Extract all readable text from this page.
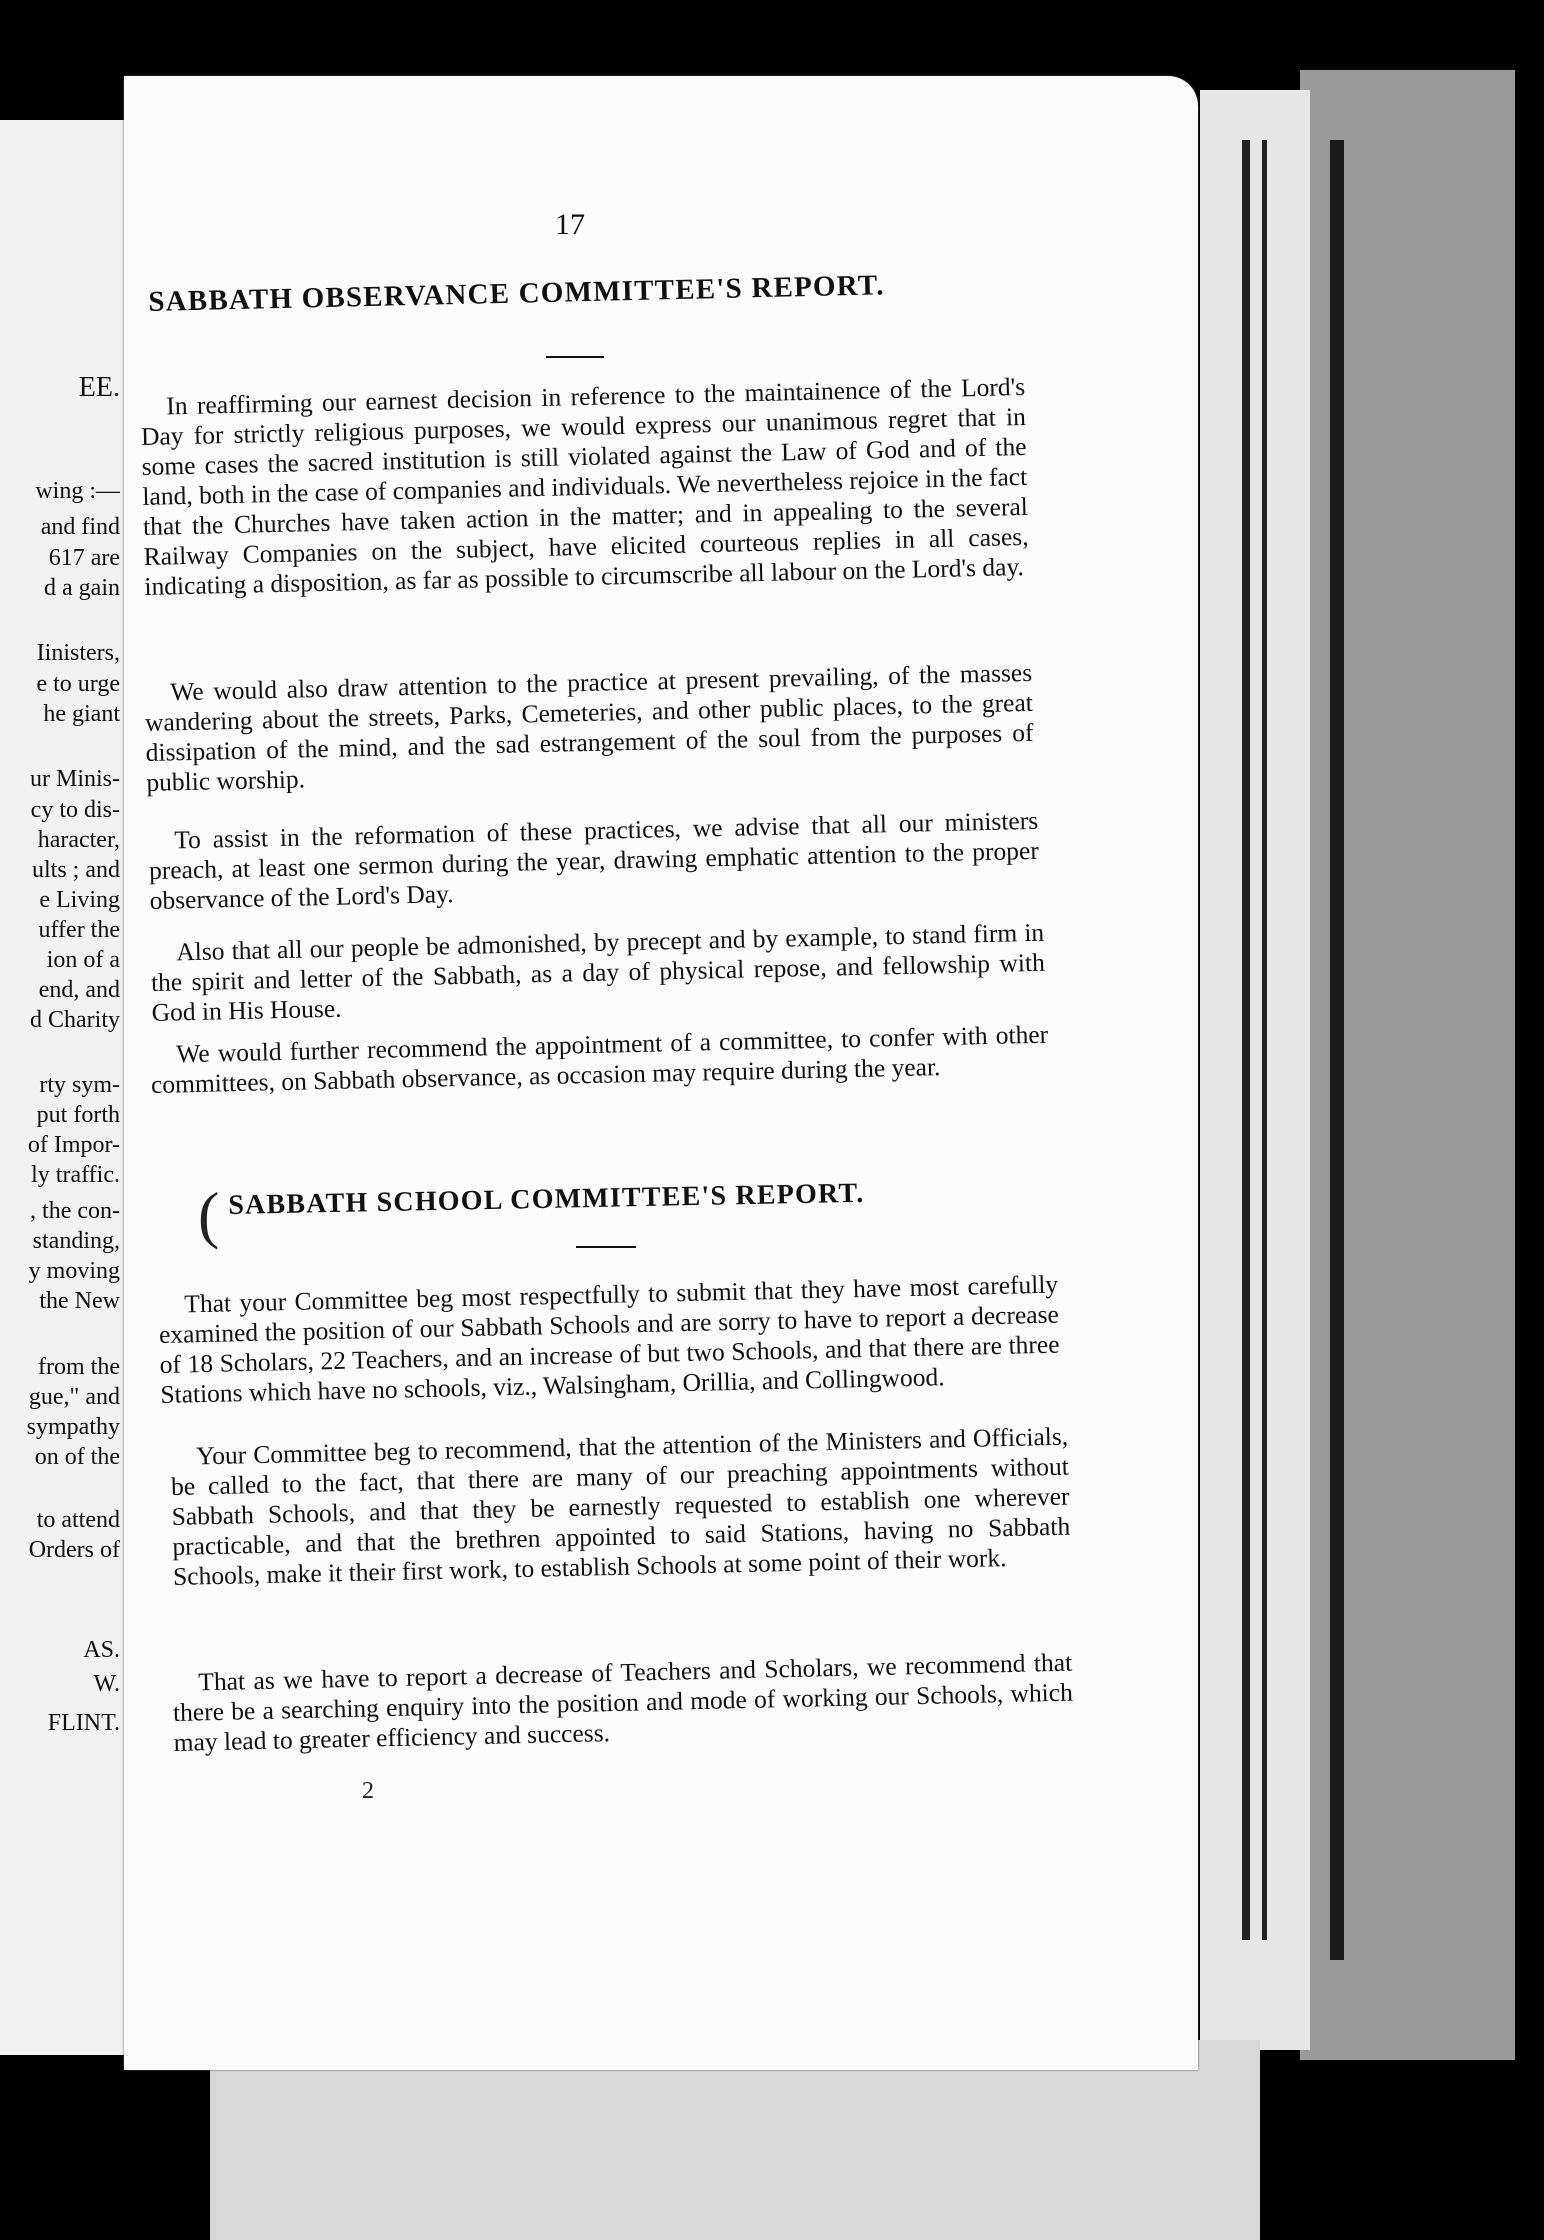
EE.
wing :—
and find
617 are
d a gain
Iinisters,
e to urge
he giant
ur Minis-
cy to dis-
haracter,
ults ; and
e Living
uffer the
ion of a
end, and
d Charity
rty sym-
put forth
of Impor-
ly traffic.
, the con-
standing,
y moving
the New
from the
gue," and
sympathy
on of the
to attend
Orders of
AS.
W.
FLINT.
17
SABBATH OBSERVANCE COMMITTEE'S REPORT.
In reaffirming our earnest decision in reference to the maintainence of the Lord's Day for strictly religious purposes, we would express our unanimous regret that in some cases the sacred institution is still violated against the Law of God and of the land, both in the case of companies and individuals. We nevertheless rejoice in the fact that the Churches have taken action in the matter; and in appealing to the several Railway Companies on the subject, have elicited courteous replies in all cases, indicating a disposition, as far as possible to circumscribe all labour on the Lord's day.
We would also draw attention to the practice at present prevailing, of the masses wandering about the streets, Parks, Cemeteries, and other public places, to the great dissipation of the mind, and the sad estrangement of the soul from the purposes of public worship.
To assist in the reformation of these practices, we advise that all our ministers preach, at least one sermon during the year, drawing emphatic attention to the proper observance of the Lord's Day.
Also that all our people be admonished, by precept and by example, to stand firm in the spirit and letter of the Sabbath, as a day of physical repose, and fellowship with God in His House.
We would further recommend the appointment of a committee, to confer with other committees, on Sabbath observance, as occasion may require during the year.
( SABBATH SCHOOL COMMITTEE'S REPORT.
That your Committee beg most respectfully to submit that they have most carefully examined the position of our Sabbath Schools and are sorry to have to report a decrease of 18 Scholars, 22 Teachers, and an increase of but two Schools, and that there are three Stations which have no schools, viz., Walsingham, Orillia, and Collingwood.
Your Committee beg to recommend, that the attention of the Ministers and Officials, be called to the fact, that there are many of our preaching appointments without Sabbath Schools, and that they be earnestly requested to establish one wherever practicable, and that the brethren appointed to said Stations, having no Sabbath Schools, make it their first work, to establish Schools at some point of their work.
That as we have to report a decrease of Teachers and Scholars, we recommend that there be a searching enquiry into the position and mode of working our Schools, which may lead to greater efficiency and success.
2
